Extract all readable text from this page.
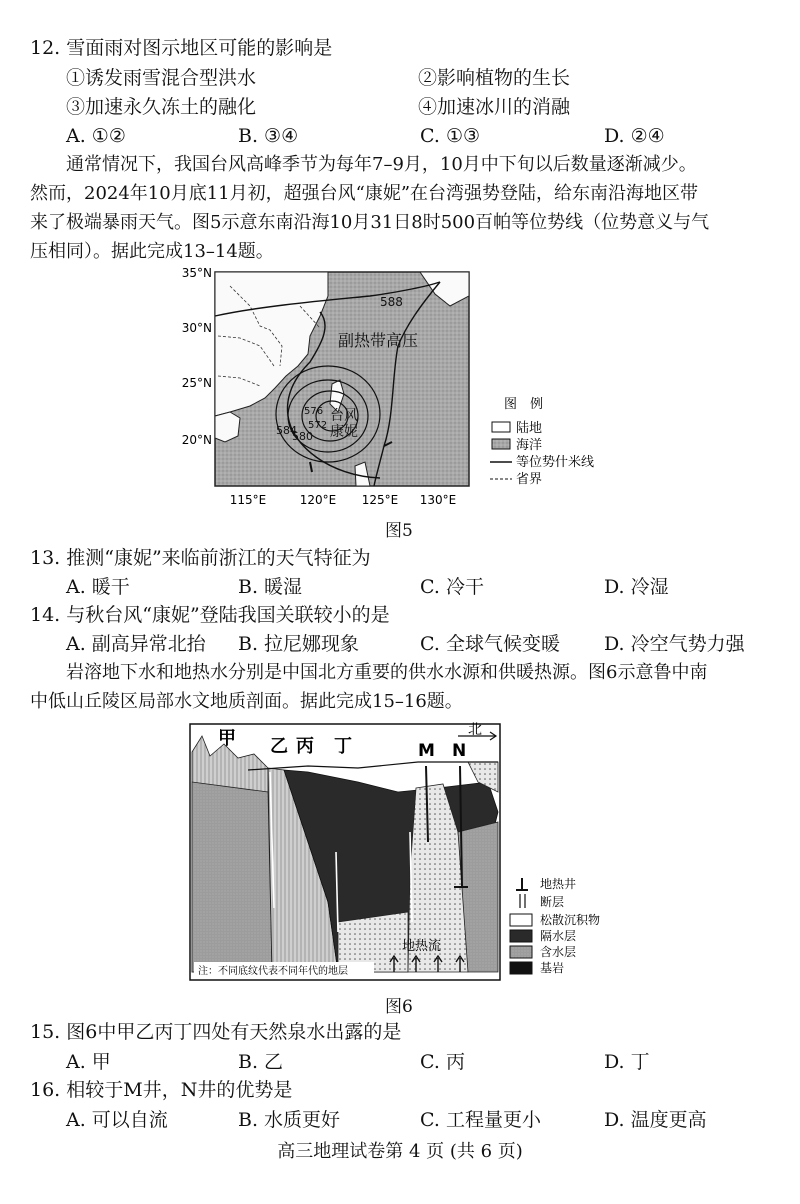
12. 雪面雨对图示地区可能的影响是
①诱发雨雪混合型洪水	②影响植物的生长
③加速永久冻土的融化	④加速冰川的消融
A. ①②	B. ③④	C. ①③	D. ②④
通常情况下，我国台风高峰季节为每年7–9月，10月中下旬以后数量逐渐减少。
然而，2024年10月底11月初，超强台风“康妮”在台湾强势登陆，给东南沿海地区带
来了极端暴雨天气。图5示意东南沿海10月31日8时500百帕等位势线（位势意义与气
压相同）。据此完成13–14题。
588
584
580
576
572
副热带高压
台风
康妮
35°N
30°N
25°N
20°N
115°E	120°E 125°E 130°E
图　例
陆地
海洋
等位势什米线
省界
图5
13. 推测“康妮”来临前浙江的天气特征为
A. 暖干	B. 暖湿	C. 冷干	D. 冷湿
14. 与秋台风“康妮”登陆我国关联较小的是
A. 副高异常北抬 B. 拉尼娜现象	C. 全球气候变暖 D. 冷空气势力强
岩溶地下水和地热水分别是中国北方重要的供水水源和供暖热源。图6示意鲁中南
中低山丘陵区局部水文地质剖面。据此完成15–16题。
甲 乙 丙 丁	M N
北
地热流
注：不同底纹代表不同年代的地层
地热井
断层
松散沉积物
隔水层
含水层
基岩
图6
15. 图6中甲乙丙丁四处有天然泉水出露的是
A. 甲	B. 乙	C. 丙	D. 丁
16. 相较于M井，N井的优势是
A. 可以自流	B. 水质更好	C. 工程量更小	D. 温度更高
高三地理试卷第 4 页 (共 6 页)
